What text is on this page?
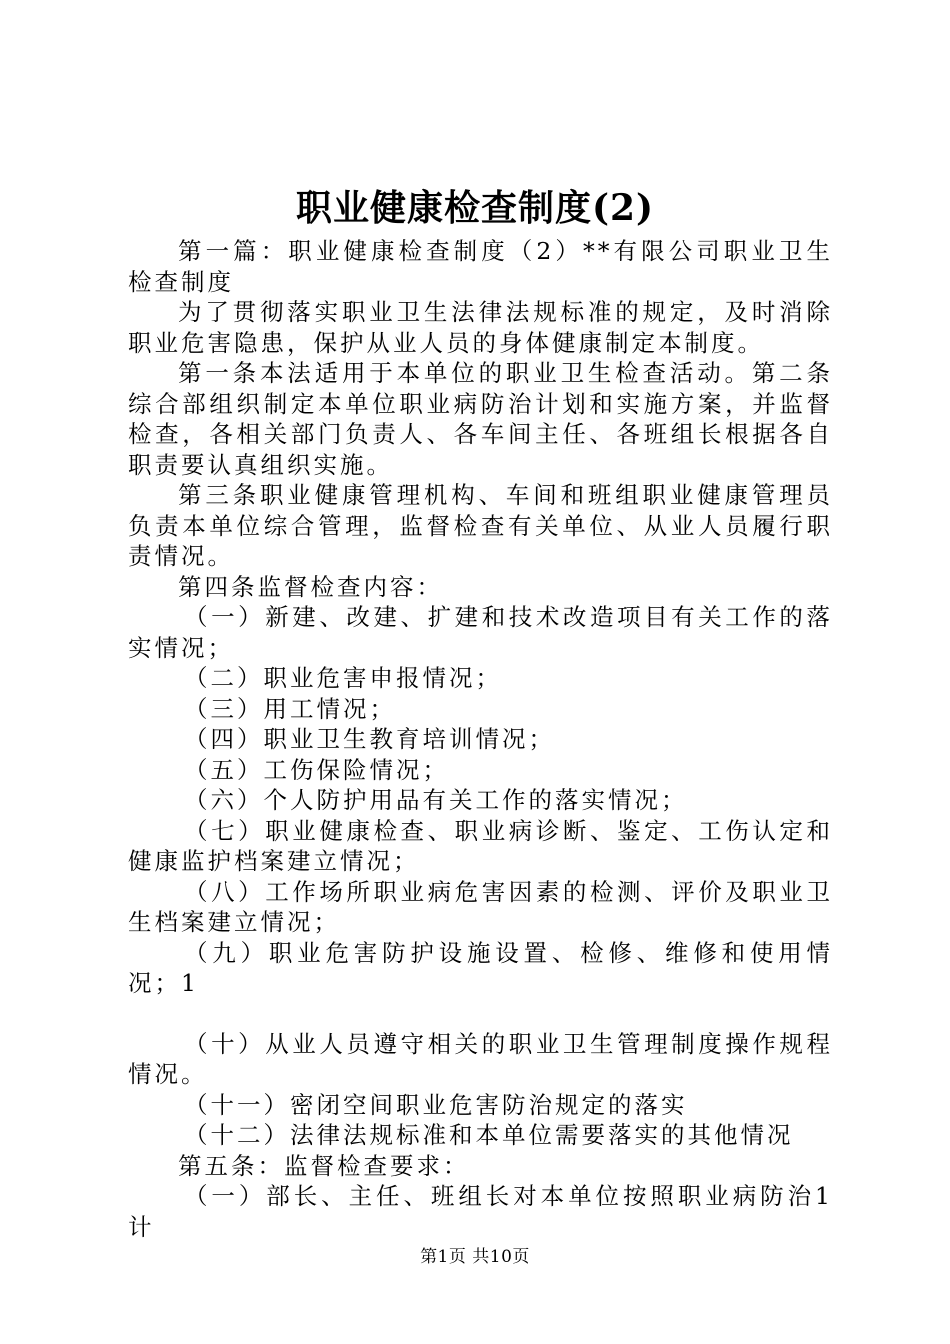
职业健康检查制度(2)

第一篇：职业健康检查制度（2）**有限公司职业卫生检查制度

为了贯彻落实职业卫生法律法规标准的规定，及时消除职业危害隐患，保护从业人员的身体健康制定本制度。

第一条本法适用于本单位的职业卫生检查活动。第二条综合部组织制定本单位职业病防治计划和实施方案，并监督检查，各相关部门负责人、各车间主任、各班组长根据各自职责要认真组织实施。

第三条职业健康管理机构、车间和班组职业健康管理员负责本单位综合管理，监督检查有关单位、从业人员履行职责情况。

第四条监督检查内容：

（一）新建、改建、扩建和技术改造项目有关工作的落实情况；

（二）职业危害申报情况；

（三）用工情况；

（四）职业卫生教育培训情况；

（五）工伤保险情况；

（六）个人防护用品有关工作的落实情况；

（七）职业健康检查、职业病诊断、鉴定、工伤认定和健康监护档案建立情况；

（八）工作场所职业病危害因素的检测、评价及职业卫生档案建立情况；

（九）职业危害防护设施设置、检修、维修和使用情况；1

（十）从业人员遵守相关的职业卫生管理制度操作规程情况。

（十一）密闭空间职业危害防治规定的落实

（十二）法律法规标准和本单位需要落实的其他情况

第五条：监督检查要求：

（一）部长、主任、班组长对本单位按照职业病防治1计

第1页 共10页
